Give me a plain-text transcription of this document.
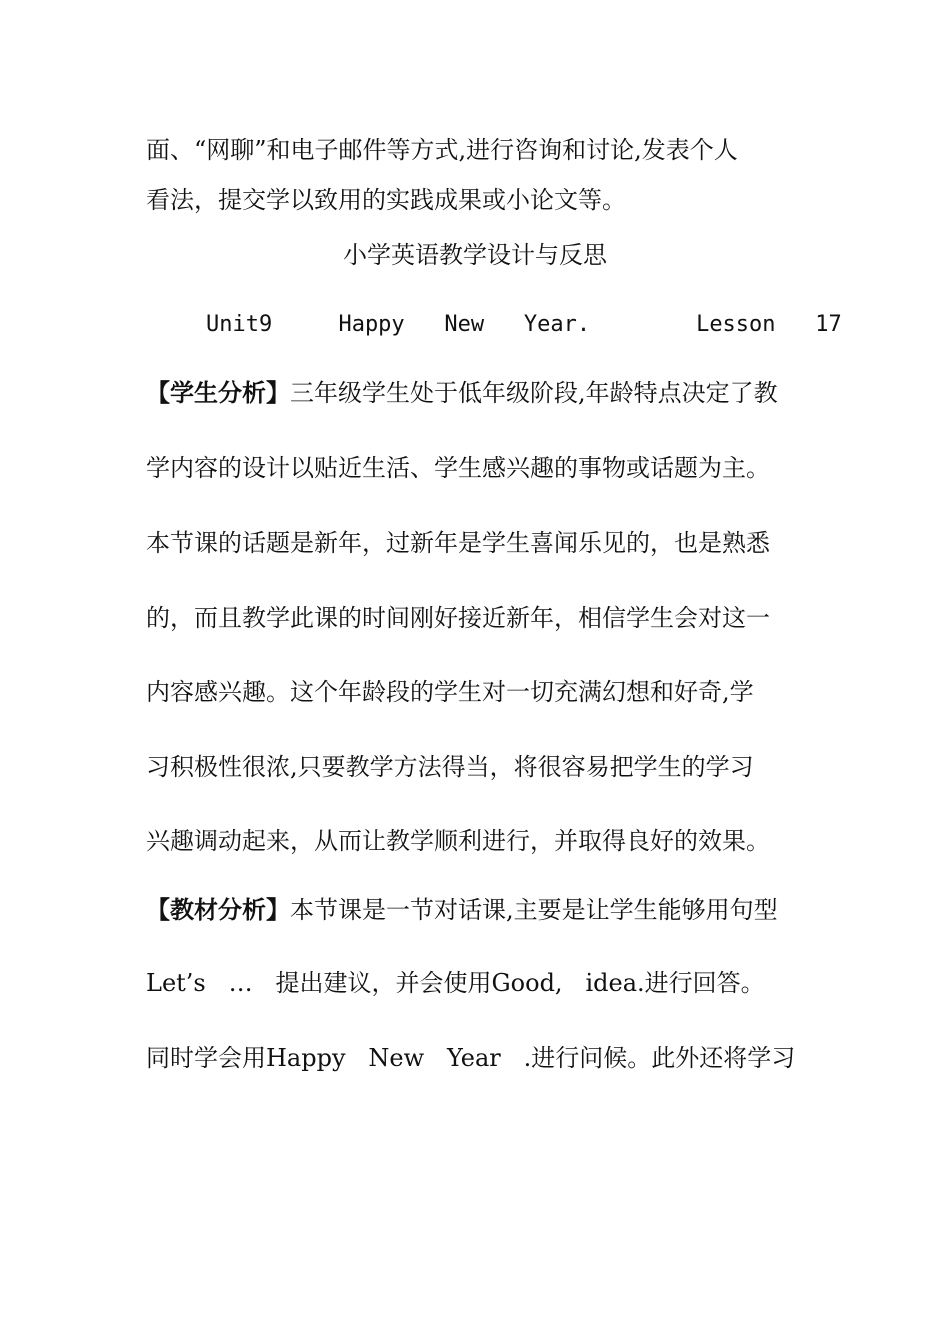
面、“网聊”和电子邮件等方式,进行咨询和讨论,发表个人
看法，提交学以致用的实践成果或小论文等。
小学英语教学设计与反思
Unit9     Happy   New   Year.        Lesson   17
【学生分析】三年级学生处于低年级阶段,年龄特点决定了教
学内容的设计以贴近生活、学生感兴趣的事物或话题为主。
本节课的话题是新年，过新年是学生喜闻乐见的，也是熟悉
的，而且教学此课的时间刚好接近新年，相信学生会对这一
内容感兴趣。这个年龄段的学生对一切充满幻想和好奇,学
习积极性很浓,只要教学方法得当，将很容易把学生的学习
兴趣调动起来，从而让教学顺利进行，并取得良好的效果。
【教材分析】本节课是一节对话课,主要是让学生能够用句型
Let’s   …   提出建议，并会使用Good,   idea.进行回答。
同时学会用Happy   New   Year   .进行问候。此外还将学习
